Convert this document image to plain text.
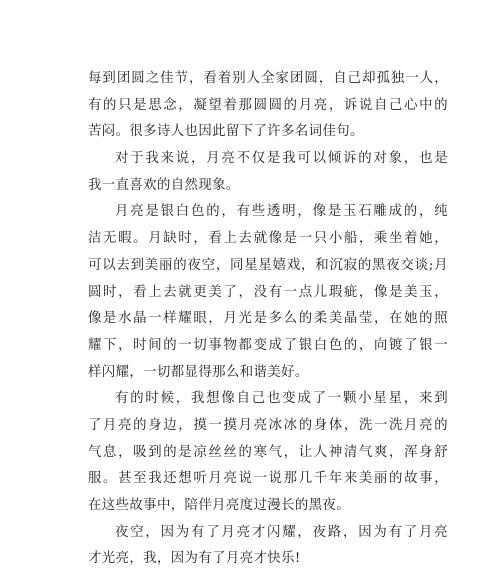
每到团圆之佳节，看着别人全家团圆，自己却孤独一人，
有的只是思念，凝望着那圆圆的月亮，诉说自己心中的
苦闷。很多诗人也因此留下了许多名词佳句。
对于我来说，月亮不仅是我可以倾诉的对象，也是
我一直喜欢的自然现象。
月亮是银白色的，有些透明，像是玉石雕成的，纯
洁无暇。月缺时，看上去就像是一只小船，乘坐着她，
可以去到美丽的夜空，同星星嬉戏，和沉寂的黑夜交谈;月
圆时，看上去就更美了，没有一点儿瑕疵，像是美玉，
像是水晶一样耀眼，月光是多么的柔美晶莹，在她的照
耀下，时间的一切事物都变成了银白色的，向镀了银一
样闪耀，一切都显得那么和谐美好。
有的时候，我想像自己也变成了一颗小星星，来到
了月亮的身边，摸一摸月亮冰冰的身体，洗一洗月亮的
气息，吸到的是凉丝丝的寒气，让人神清气爽，浑身舒
服。甚至我还想听月亮说一说那几千年来美丽的故事，
在这些故事中，陪伴月亮度过漫长的黑夜。
夜空，因为有了月亮才闪耀，夜路，因为有了月亮
才光亮，我，因为有了月亮才快乐!
